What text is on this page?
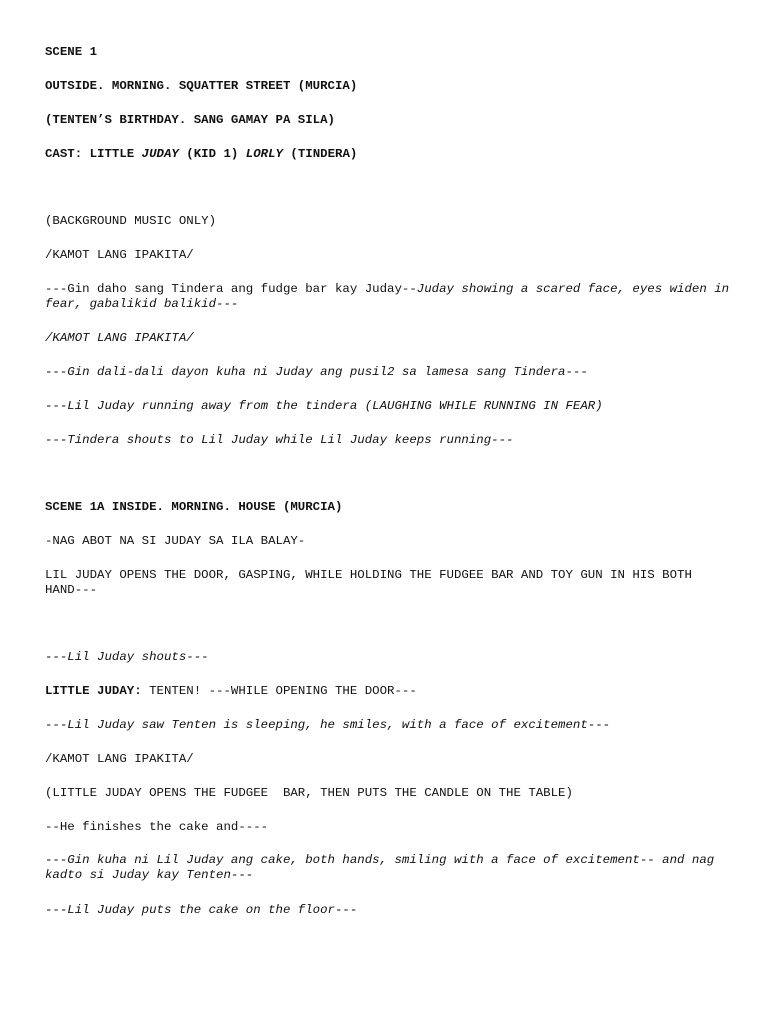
SCENE 1

OUTSIDE. MORNING. SQUATTER STREET (MURCIA)

(TENTEN’S BIRTHDAY. SANG GAMAY PA SILA)

CAST: LITTLE JUDAY (KID 1) LORLY (TINDERA)

(BACKGROUND MUSIC ONLY)

/KAMOT LANG IPAKITA/

---Gin daho sang Tindera ang fudge bar kay Juday--Juday showing a scared face, eyes widen in fear, gabalikid balikid---

/KAMOT LANG IPAKITA/

---Gin dali-dali dayon kuha ni Juday ang pusil2 sa lamesa sang Tindera---

---Lil Juday running away from the tindera (LAUGHING WHILE RUNNING IN FEAR)

---Tindera shouts to Lil Juday while Lil Juday keeps running---

SCENE 1A INSIDE. MORNING. HOUSE (MURCIA)

-NAG ABOT NA SI JUDAY SA ILA BALAY-

LIL JUDAY OPENS THE DOOR, GASPING, WHILE HOLDING THE FUDGEE BAR AND TOY GUN IN HIS BOTH HAND---

---Lil Juday shouts---

LITTLE JUDAY: TENTEN! ---WHILE OPENING THE DOOR---

---Lil Juday saw Tenten is sleeping, he smiles, with a face of excitement---

/KAMOT LANG IPAKITA/

(LITTLE JUDAY OPENS THE FUDGEE  BAR, THEN PUTS THE CANDLE ON THE TABLE)

--He finishes the cake and----

---Gin kuha ni Lil Juday ang cake, both hands, smiling with a face of excitement-- and nag kadto si Juday kay Tenten---

---Lil Juday puts the cake on the floor---
